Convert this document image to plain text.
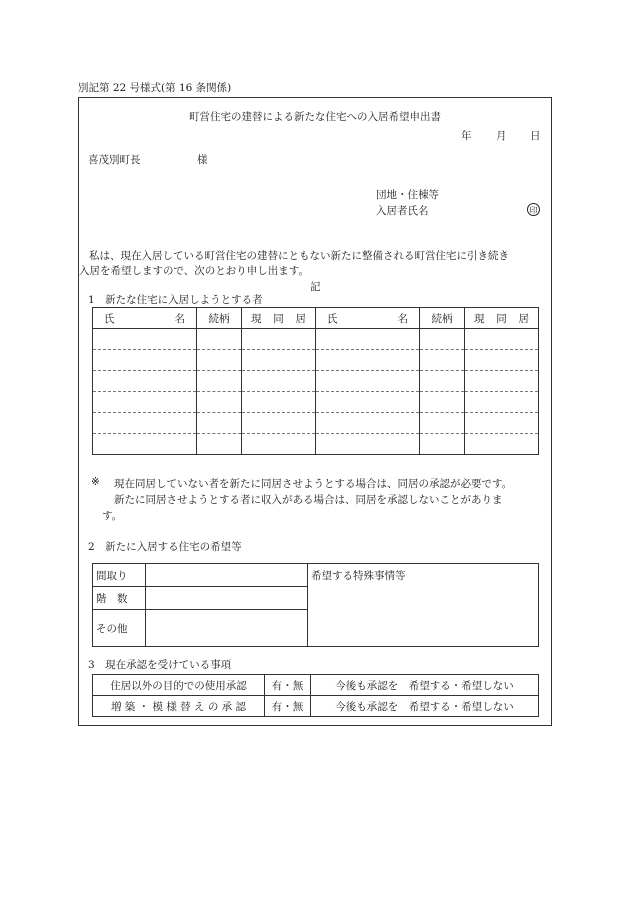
別記第 22 号様式(第 16 条関係)
町営住宅の建替による新たな住宅への入居希望申出書
年 月 日
喜茂別町長	様
団地・住棟等
入居者氏名	印
私は、現在入居している町営住宅の建替にともない新たに整備される町営住宅に引き続き
入居を希望しますので、次のとおり申し出ます。
記
1　新たな住宅に入居しようとする者
氏 名	続柄	現 同 居	氏 名	続柄	現 同 居

※ 現在同居していない者を新たに同居させようとする場合は、同居の承認が必要です。
新たに同居させようとする者に収入がある場合は、同居を承認しないことがありま
す。
2　新たに入居する住宅の希望等
間取り		希望する特殊事情等
階　数		
その他		
3　現在承認を受けている事項
住居以外の目的での使用承認	有・無	今後も承認を　希望する・希望しない
増 築 ・ 模 様 替 え の 承 認	有・無	今後も承認を　希望する・希望しない
